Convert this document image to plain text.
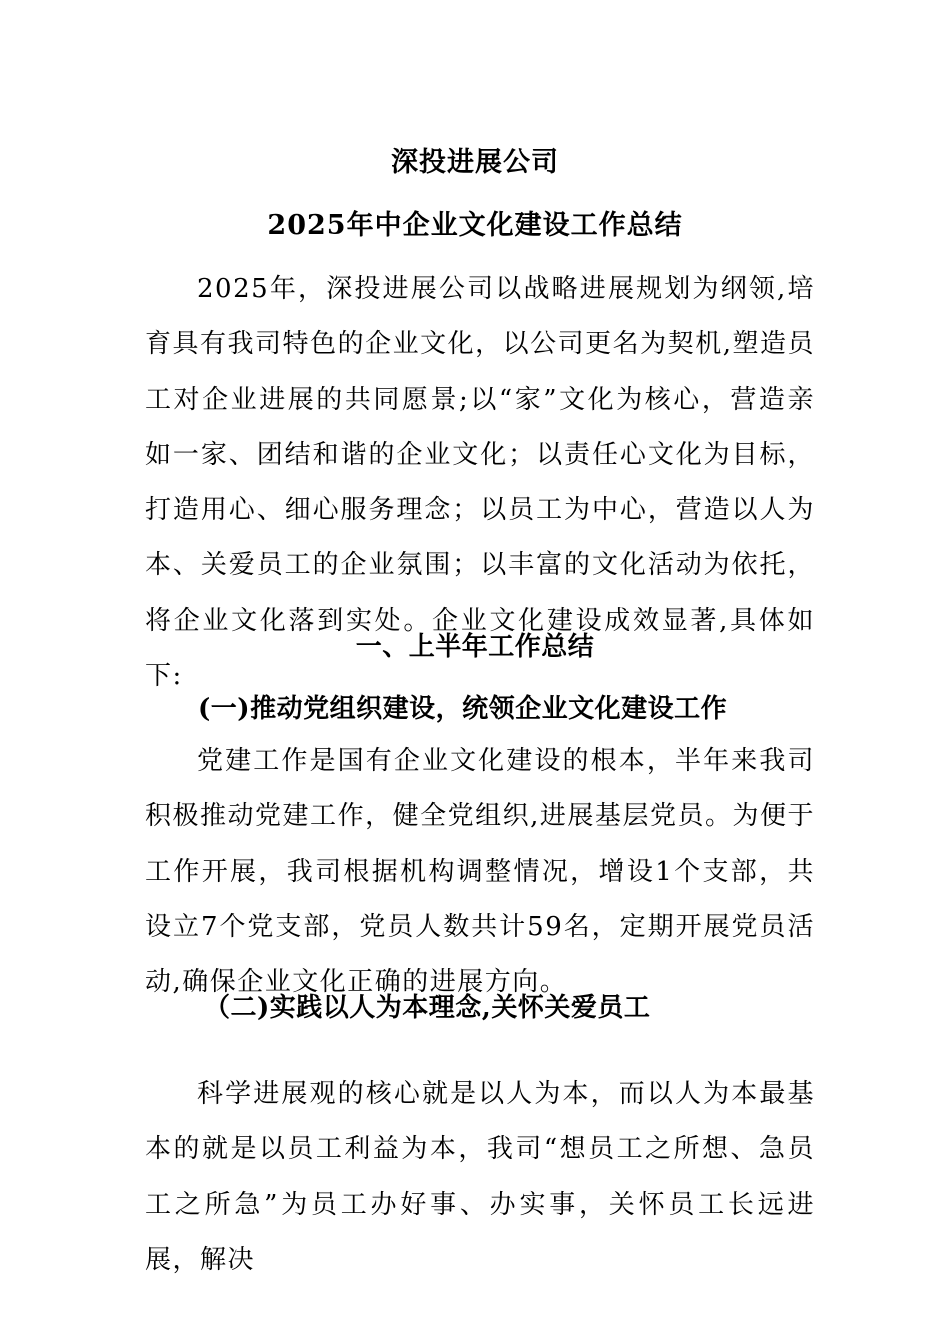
深投进展公司
2025年中企业文化建设工作总结

2025年，深投进展公司以战略进展规划为纲领,培育具有我司特色的企业文化，以公司更名为契机,塑造员工对企业进展的共同愿景;以“家”文化为核心，营造亲如一家、团结和谐的企业文化；以责任心文化为目标，打造用心、细心服务理念；以员工为中心，营造以人为本、关爱员工的企业氛围；以丰富的文化活动为依托，将企业文化落到实处。企业文化建设成效显著,具体如下:

一、上半年工作总结
(一)推动党组织建设，统领企业文化建设工作

党建工作是国有企业文化建设的根本，半年来我司积极推动党建工作，健全党组织,进展基层党员。为便于工作开展，我司根据机构调整情况，增设1个支部，共设立7个党支部，党员人数共计59名，定期开展党员活动,确保企业文化正确的进展方向。

（二)实践以人为本理念,关怀关爱员工

科学进展观的核心就是以人为本，而以人为本最基本的就是以员工利益为本，我司“想员工之所想、急员工之所急”为员工办好事、办实事，关怀员工长远进展，解决
